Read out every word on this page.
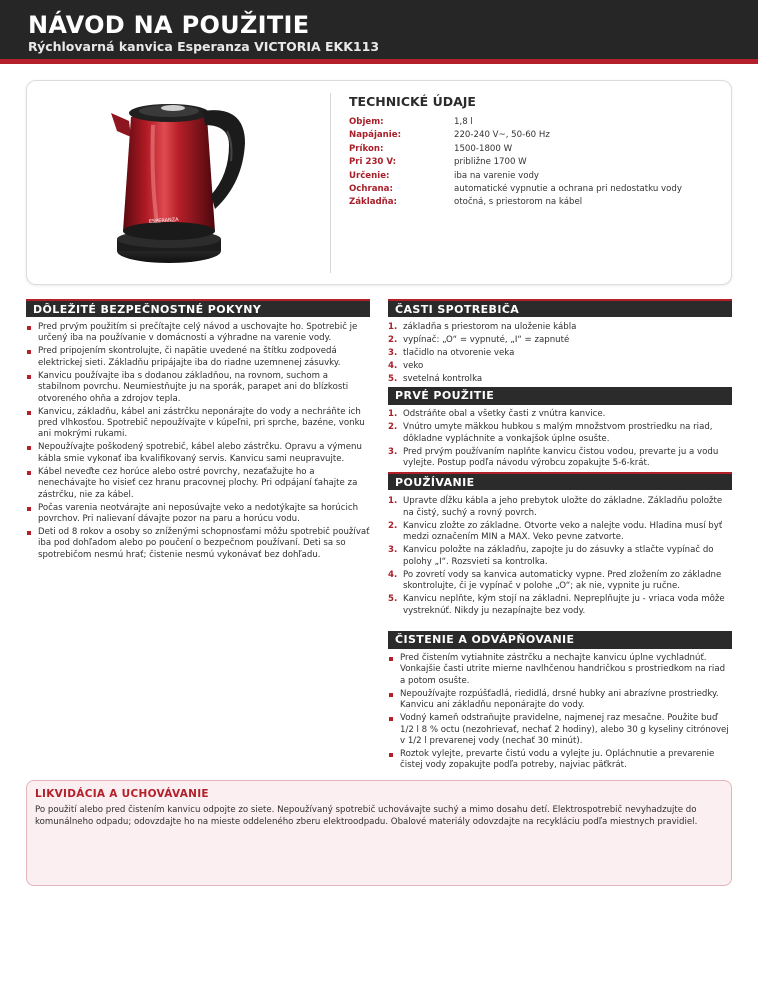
NÁVOD NA POUŽITIE
Rýchlovarná kanvica Esperanza VICTORIA EKK113
ESPERANZA
TECHNICKÉ ÚDAJE
Objem:	1,8 l
Napájanie:	220-240 V~, 50-60 Hz
Príkon:	1500-1800 W
Pri 230 V:	približne 1700 W
Určenie:	iba na varenie vody
Ochrana:	automatické vypnutie a ochrana pri nedostatku vody
Základňa:	otočná, s priestorom na kábel
DÔLEŽITÉ BEZPEČNOSTNÉ POKYNY
Pred prvým použitím si prečítajte celý návod a uschovajte ho. Spotrebič je určený iba na používanie v domácnosti a výhradne na varenie vody.
Pred pripojením skontrolujte, či napätie uvedené na štítku zodpovedá elektrickej sieti. Základňu pripájajte iba do riadne uzemnenej zásuvky.
Kanvicu používajte iba s dodanou základňou, na rovnom, suchom a stabilnom povrchu. Neumiestňujte ju na sporák, parapet ani do blízkosti otvoreného ohňa a zdrojov tepla.
Kanvicu, základňu, kábel ani zástrčku neponárajte do vody a nechráňte ich pred vlhkosťou. Spotrebič nepoužívajte v kúpeľni, pri sprche, bazéne, vonku ani mokrými rukami.
Nepoužívajte poškodený spotrebič, kábel alebo zástrčku. Opravu a výmenu kábla smie vykonať iba kvalifikovaný servis. Kanvicu sami neupravujte.
Kábel neveďte cez horúce alebo ostré povrchy, nezaťažujte ho a nenechávajte ho visieť cez hranu pracovnej plochy. Pri odpájaní ťahajte za zástrčku, nie za kábel.
Počas varenia neotvárajte ani neposúvajte veko a nedotýkajte sa horúcich povrchov. Pri nalievaní dávajte pozor na paru a horúcu vodu.
Deti od 8 rokov a osoby so zníženými schopnosťami môžu spotrebič používať iba pod dohľadom alebo po poučení o bezpečnom používaní. Deti sa so spotrebičom nesmú hrať; čistenie nesmú vykonávať bez dohľadu.
ČASTI SPOTREBIČA
1. základňa s priestorom na uloženie kábla
2. vypínač: „O“ = vypnuté, „I“ = zapnuté
3. tlačidlo na otvorenie veka
4. veko
5. svetelná kontrolka
PRVÉ POUŽITIE
1. Odstráňte obal a všetky časti z vnútra kanvice.
2. Vnútro umyte mäkkou hubkou s malým množstvom prostriedku na riad, dôkladne vypláchnite a vonkajšok úplne osušte.
3. Pred prvým používaním naplňte kanvicu čistou vodou, prevarte ju a vodu vylejte. Postup podľa návodu výrobcu zopakujte 5-6-krát.
POUŽÍVANIE
1. Upravte dĺžku kábla a jeho prebytok uložte do základne. Základňu položte na čistý, suchý a rovný povrch.
2. Kanvicu zložte zo základne. Otvorte veko a nalejte vodu. Hladina musí byť medzi označením MIN a MAX. Veko pevne zatvorte.
3. Kanvicu položte na základňu, zapojte ju do zásuvky a stlačte vypínač do polohy „I“. Rozsvieti sa kontrolka.
4. Po zovretí vody sa kanvica automaticky vypne. Pred zložením zo základne skontrolujte, či je vypínač v polohe „O“; ak nie, vypnite ju ručne.
5. Kanvicu neplňte, kým stojí na základni. Nepreplňujte ju - vriaca voda môže vystreknúť. Nikdy ju nezapínajte bez vody.
ČISTENIE A ODVÁPŇOVANIE
Pred čistením vytiahnite zástrčku a nechajte kanvicu úplne vychladnúť. Vonkajšie časti utrite mierne navlhčenou handričkou s prostriedkom na riad a potom osušte.
Nepoužívajte rozpúšťadlá, riedidlá, drsné hubky ani abrazívne prostriedky. Kanvicu ani základňu neponárajte do vody.
Vodný kameň odstraňujte pravidelne, najmenej raz mesačne. Použite buď 1/2 l 8 % octu (nezohrievať, nechať 2 hodiny), alebo 30 g kyseliny citrónovej v 1/2 l prevarenej vody (nechať 30 minút).
Roztok vylejte, prevarte čistú vodu a vylejte ju. Opláchnutie a prevarenie čistej vody zopakujte podľa potreby, najviac päťkrát.
LIKVIDÁCIA A UCHOVÁVANIE
Po použití alebo pred čistením kanvicu odpojte zo siete. Nepoužívaný spotrebič uchovávajte suchý a mimo dosahu detí. Elektrospotrebič nevyhadzujte do komunálneho odpadu; odovzdajte ho na mieste oddeleného zberu elektroodpadu. Obalové materiály odovzdajte na recykláciu podľa miestnych pravidiel.
